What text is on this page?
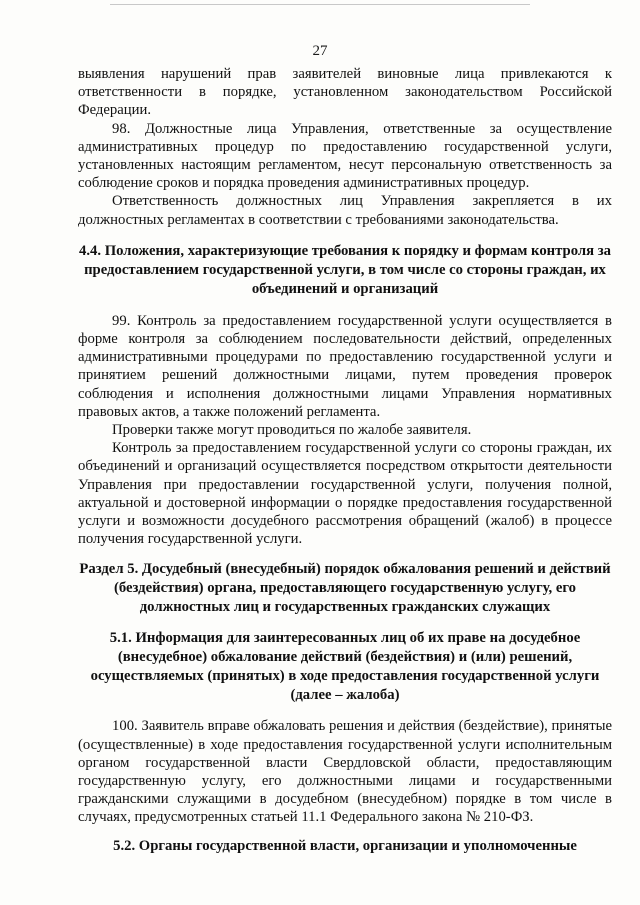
27

выявления нарушений прав заявителей виновные лица привлекаются к ответственности в порядке, установленном законодательством Российской Федерации.

98. Должностные лица Управления, ответственные за осуществление административных процедур по предоставлению государственной услуги, установленных настоящим регламентом, несут персональную ответственность за соблюдение сроков и порядка проведения административных процедур.

Ответственность должностных лиц Управления закрепляется в их должностных регламентах в соответствии с требованиями законодательства.

4.4. Положения, характеризующие требования к порядку и формам контроля за предоставлением государственной услуги, в том числе со стороны граждан, их объединений и организаций

99. Контроль за предоставлением государственной услуги осуществляется в форме контроля за соблюдением последовательности действий, определенных административными процедурами по предоставлению государственной услуги и принятием решений должностными лицами, путем проведения проверок соблюдения и исполнения должностными лицами Управления нормативных правовых актов, а также положений регламента.

Проверки также могут проводиться по жалобе заявителя.

Контроль за предоставлением государственной услуги со стороны граждан, их объединений и организаций осуществляется посредством открытости деятельности Управления при предоставлении государственной услуги, получения полной, актуальной и достоверной информации о порядке предоставления государственной услуги и возможности досудебного рассмотрения обращений (жалоб) в процессе получения государственной услуги.

Раздел 5. Досудебный (внесудебный) порядок обжалования решений и действий (бездействия) органа, предоставляющего государственную услугу, его должностных лиц и государственных гражданских служащих
5.1. Информация для заинтересованных лиц об их праве на досудебное (внесудебное) обжалование действий (бездействия) и (или) решений, осуществляемых (принятых) в ходе предоставления государственной услуги (далее – жалоба)

100. Заявитель вправе обжаловать решения и действия (бездействие), принятые (осуществленные) в ходе предоставления государственной услуги исполнительным органом государственной власти Свердловской области, предоставляющим государственную услугу, его должностными лицами и государственными гражданскими служащими в досудебном (внесудебном) порядке в том числе в случаях, предусмотренных статьей 11.1 Федерального закона № 210-ФЗ.

5.2. Органы государственной власти, организации и уполномоченные
